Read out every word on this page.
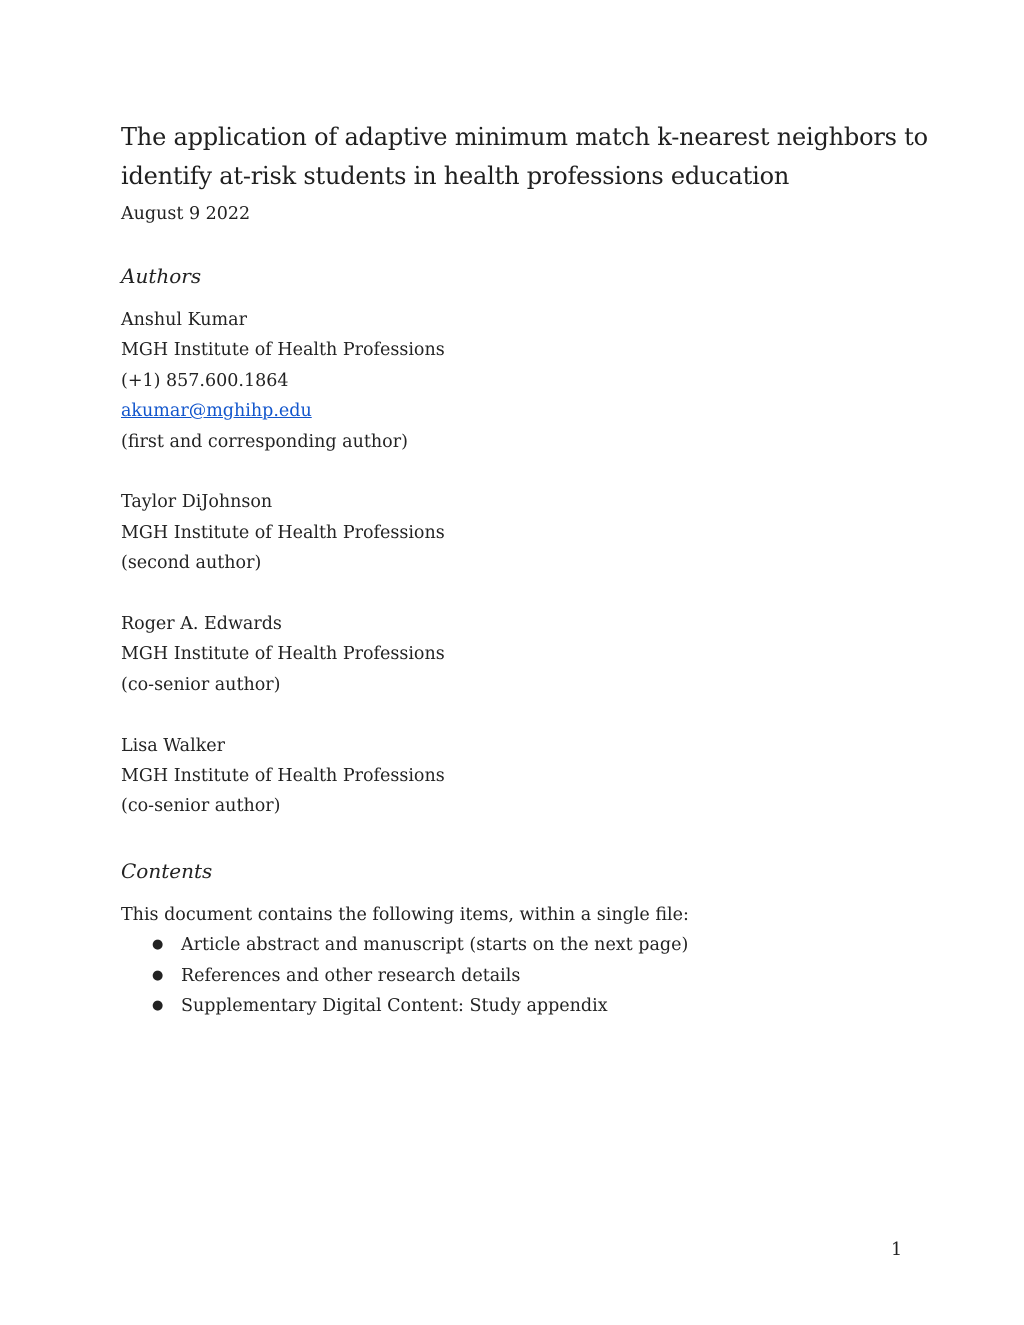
The application of adaptive minimum match k-nearest neighbors to
identify at-risk students in health professions education
August 9 2022
Authors
Anshul Kumar
MGH Institute of Health Professions
(+1) 857.600.1864
akumar@mghihp.edu
(first and corresponding author)
Taylor DiJohnson
MGH Institute of Health Professions
(second author)
Roger A. Edwards
MGH Institute of Health Professions
(co-senior author)
Lisa Walker
MGH Institute of Health Professions
(co-senior author)
Contents
This document contains the following items, within a single file:
● Article abstract and manuscript (starts on the next page)
● References and other research details
● Supplementary Digital Content: Study appendix
1
